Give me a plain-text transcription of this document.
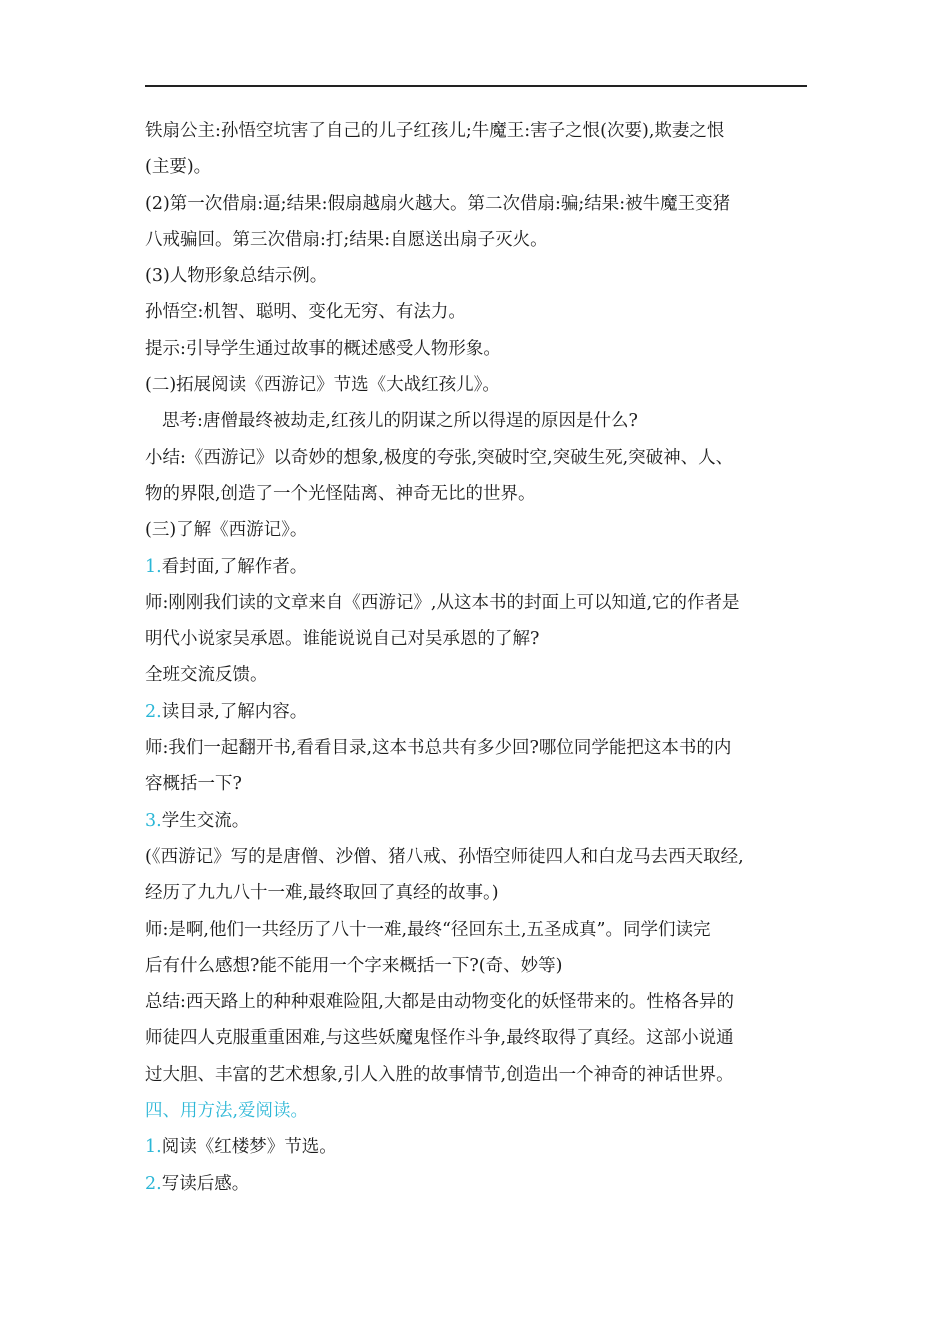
铁扇公主:孙悟空坑害了自己的儿子红孩儿;牛魔王:害子之恨(次要),欺妻之恨
(主要)。
(2)第一次借扇:逼;结果:假扇越扇火越大。第二次借扇:骗;结果:被牛魔王变猪
八戒骗回。第三次借扇:打;结果:自愿送出扇子灭火。
(3)人物形象总结示例。
孙悟空:机智、聪明、变化无穷、有法力。
提示:引导学生通过故事的概述感受人物形象。
(二)拓展阅读《西游记》节选《大战红孩儿》。
思考:唐僧最终被劫走,红孩儿的阴谋之所以得逞的原因是什么?
小结:《西游记》以奇妙的想象,极度的夸张,突破时空,突破生死,突破神、人、
物的界限,创造了一个光怪陆离、神奇无比的世界。
(三)了解《西游记》。
1.看封面,了解作者。
师:刚刚我们读的文章来自《西游记》,从这本书的封面上可以知道,它的作者是
明代小说家吴承恩。谁能说说自己对吴承恩的了解?
全班交流反馈。
2.读目录,了解内容。
师:我们一起翻开书,看看目录,这本书总共有多少回?哪位同学能把这本书的内
容概括一下?
3.学生交流。
(《西游记》写的是唐僧、沙僧、猪八戒、孙悟空师徒四人和白龙马去西天取经,
经历了九九八十一难,最终取回了真经的故事。)
师:是啊,他们一共经历了八十一难,最终“径回东土,五圣成真”。同学们读完
后有什么感想?能不能用一个字来概括一下?(奇、妙等)
总结:西天路上的种种艰难险阻,大都是由动物变化的妖怪带来的。性格各异的
师徒四人克服重重困难,与这些妖魔鬼怪作斗争,最终取得了真经。这部小说通
过大胆、丰富的艺术想象,引人入胜的故事情节,创造出一个神奇的神话世界。
四、用方法,爱阅读。
1.阅读《红楼梦》节选。
2.写读后感。
